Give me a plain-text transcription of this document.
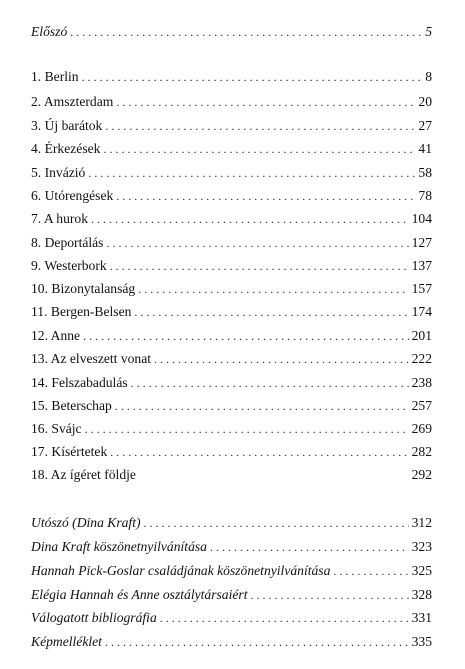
Előszó . . .	5
1. Berlin . . .	8
2. Amszterdam . . .	20
3. Új barátok . . .	27
4. Érkezések . . .	41
5. Invázió . . .	58
6. Utórengések . . .	78
7. A hurok . . .	104
8. Deportálás . . .	127
9. Westerbork . . .	137
10. Bizonytalanság . . .	157
11. Bergen-Belsen . . .	174
12. Anne . . .	201
13. Az elveszett vonat . . .	222
14. Felszabadulás . . .	238
15. Beterschap . . .	257
16. Svájc . . .	269
17. Kísértetek . . .	282
18. Az ígéret földje	292
Utószó (Dina Kraft) . . .	312
Dina Kraft köszönetnyilvánítása . . .	323
Hannah Pick-Goslar családjának köszönetnyilvánítása . . .	325
Elégia Hannah és Anne osztálytársaiért . . .	328
Válogatott bibliográfia . . .	331
Képmelléklet . . .	335
